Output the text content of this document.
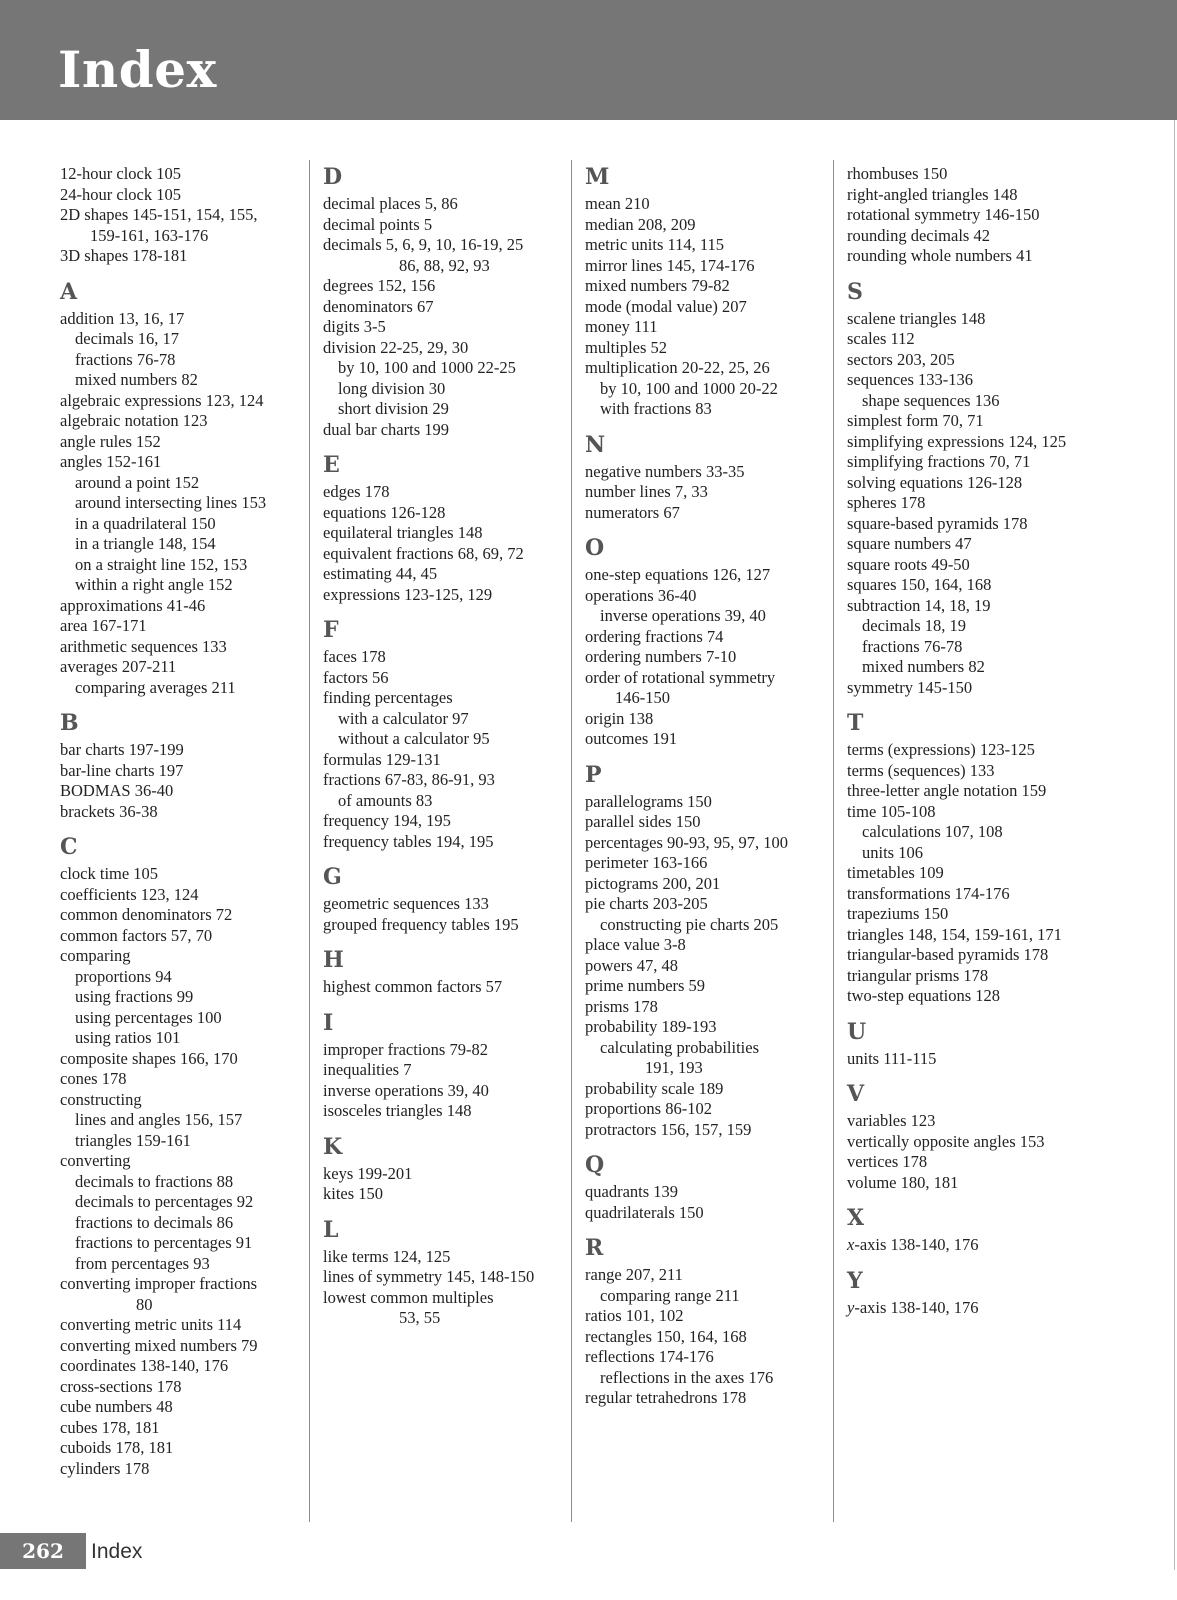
Index
12-hour clock 105
24-hour clock 105
2D shapes 145-151, 154, 155,
159-161, 163-176
3D shapes 178-181
A
addition 13, 16, 17
decimals 16, 17
fractions 76-78
mixed numbers 82
algebraic expressions 123, 124
algebraic notation 123
angle rules 152
angles 152-161
around a point 152
around intersecting lines 153
in a quadrilateral 150
in a triangle 148, 154
on a straight line 152, 153
within a right angle 152
approximations 41-46
area 167-171
arithmetic sequences 133
averages 207-211
comparing averages 211
B
bar charts 197-199
bar-line charts 197
BODMAS 36-40
brackets 36-38
C
clock time 105
coefficients 123, 124
common denominators 72
common factors 57, 70
comparing
proportions 94
using fractions 99
using percentages 100
using ratios 101
composite shapes 166, 170
cones 178
constructing
lines and angles 156, 157
triangles 159-161
converting
decimals to fractions 88
decimals to percentages 92
fractions to decimals 86
fractions to percentages 91
from percentages 93
converting improper fractions
80
converting metric units 114
converting mixed numbers 79
coordinates 138-140, 176
cross-sections 178
cube numbers 48
cubes 178, 181
cuboids 178, 181
cylinders 178
D
decimal places 5, 86
decimal points 5
decimals 5, 6, 9, 10, 16-19, 25
86, 88, 92, 93
degrees 152, 156
denominators 67
digits 3-5
division 22-25, 29, 30
by 10, 100 and 1000 22-25
long division 30
short division 29
dual bar charts 199
E
edges 178
equations 126-128
equilateral triangles 148
equivalent fractions 68, 69, 72
estimating 44, 45
expressions 123-125, 129
F
faces 178
factors 56
finding percentages
with a calculator 97
without a calculator 95
formulas 129-131
fractions 67-83, 86-91, 93
of amounts 83
frequency 194, 195
frequency tables 194, 195
G
geometric sequences 133
grouped frequency tables 195
H
highest common factors 57
I
improper fractions 79-82
inequalities 7
inverse operations 39, 40
isosceles triangles 148
K
keys 199-201
kites 150
L
like terms 124, 125
lines of symmetry 145, 148-150
lowest common multiples
53, 55
M
mean 210
median 208, 209
metric units 114, 115
mirror lines 145, 174-176
mixed numbers 79-82
mode (modal value) 207
money 111
multiples 52
multiplication 20-22, 25, 26
by 10, 100 and 1000 20-22
with fractions 83
N
negative numbers 33-35
number lines 7, 33
numerators 67
O
one-step equations 126, 127
operations 36-40
inverse operations 39, 40
ordering fractions 74
ordering numbers 7-10
order of rotational symmetry
146-150
origin 138
outcomes 191
P
parallelograms 150
parallel sides 150
percentages 90-93, 95, 97, 100
perimeter 163-166
pictograms 200, 201
pie charts 203-205
constructing pie charts 205
place value 3-8
powers 47, 48
prime numbers 59
prisms 178
probability 189-193
calculating probabilities
191, 193
probability scale 189
proportions 86-102
protractors 156, 157, 159
Q
quadrants 139
quadrilaterals 150
R
range 207, 211
comparing range 211
ratios 101, 102
rectangles 150, 164, 168
reflections 174-176
reflections in the axes 176
regular tetrahedrons 178
rhombuses 150
right-angled triangles 148
rotational symmetry 146-150
rounding decimals 42
rounding whole numbers 41
S
scalene triangles 148
scales 112
sectors 203, 205
sequences 133-136
shape sequences 136
simplest form 70, 71
simplifying expressions 124, 125
simplifying fractions 70, 71
solving equations 126-128
spheres 178
square-based pyramids 178
square numbers 47
square roots 49-50
squares 150, 164, 168
subtraction 14, 18, 19
decimals 18, 19
fractions 76-78
mixed numbers 82
symmetry 145-150
T
terms (expressions) 123-125
terms (sequences) 133
three-letter angle notation 159
time 105-108
calculations 107, 108
units 106
timetables 109
transformations 174-176
trapeziums 150
triangles 148, 154, 159-161, 171
triangular-based pyramids 178
triangular prisms 178
two-step equations 128
U
units 111-115
V
variables 123
vertically opposite angles 153
vertices 178
volume 180, 181
X
x-axis 138-140, 176
Y
y-axis 138-140, 176
262	Index
